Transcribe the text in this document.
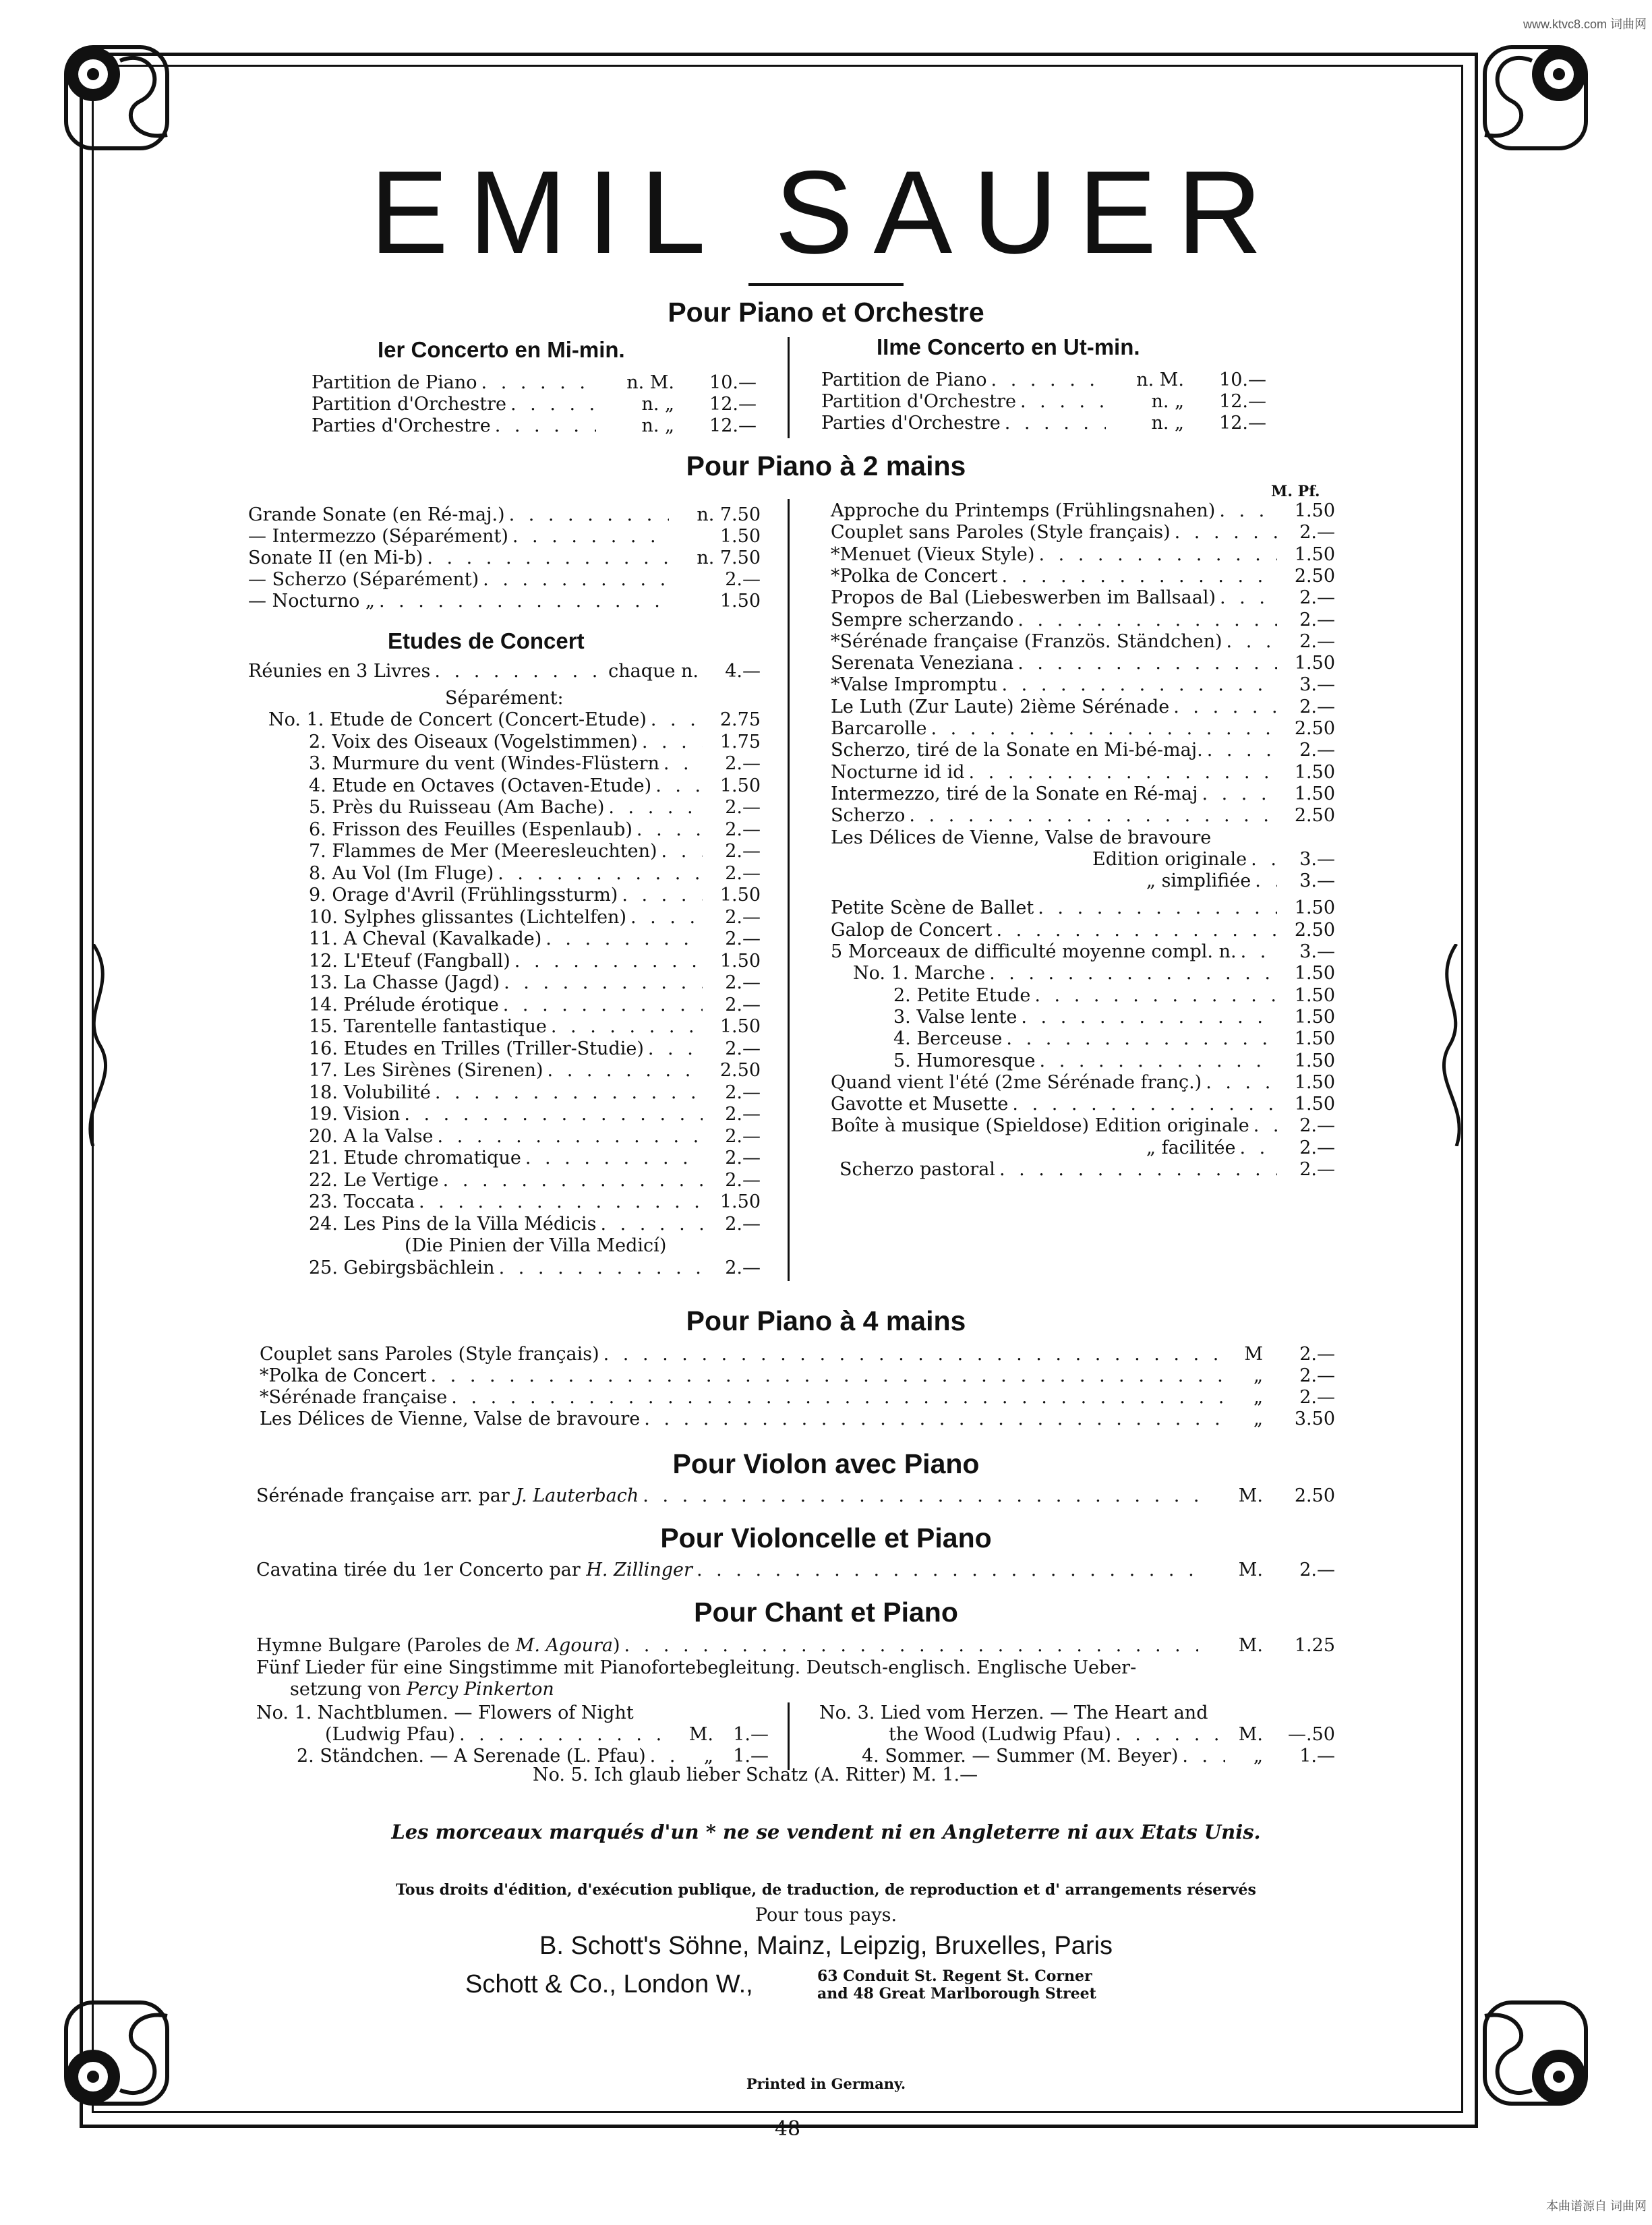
www.ktvc8.com 词曲网
本曲谱源自 词曲网
EMIL SAUER
Pour Piano et Orchestre
Ier Concerto en Mi-min.	IIme Concerto en Ut-min.
Partition de Piano . . .	n. M.	10.—
Partition d'Orchestre . . .	n. „	12.—
Parties d'Orchestre . . .	n. „	12.—
Partition de Piano . . .	n. M.	10.—
Partition d'Orchestre . . .	n. „	12.—
Parties d'Orchestre . . .	n. „	12.—
Pour Piano à 2 mains
M. Pf.
Grande Sonate (en Ré-maj.) . . .	n. 7.50
— Intermezzo (Séparément) . . .	1.50
Sonate II (en Mi-b) . . .	n. 7.50
— Scherzo (Séparément) . . .	2.—
— Nocturno „ . . .	1.50
Etudes de Concert
Réunies en 3 Livres . . .	chaque n.	4.—
Séparément:
No. 1. Etude de Concert (Concert-Etude) . . .	2.75
2. Voix des Oiseaux (Vogelstimmen) . . .	1.75
3. Murmure du vent (Windes-Flüstern . . .	2.—
4. Etude en Octaves (Octaven-Etude) . . .	1.50
5. Près du Ruisseau (Am Bache) . . .	2.—
6. Frisson des Feuilles (Espenlaub) . . .	2.—
7. Flammes de Mer (Meeresleuchten) . . .	2.—
8. Au Vol (Im Fluge) . . .	2.—
9. Orage d'Avril (Frühlingssturm) . . .	1.50
10. Sylphes glissantes (Lichtelfen) . . .	2.—
11. A Cheval (Kavalkade) . . .	2.—
12. L'Eteuf (Fangball) . . .	1.50
13. La Chasse (Jagd) . . .	2.—
14. Prélude érotique . . .	2.—
15. Tarentelle fantastique . . .	1.50
16. Etudes en Trilles (Triller-Studie) . . .	2.—
17. Les Sirènes (Sirenen) . . .	2.50
18. Volubilité . . .	2.—
19. Vision . . .	2.—
20. A la Valse . . .	2.—
21. Etude chromatique . . .	2.—
22. Le Vertige . . .	2.—
23. Toccata . . .	1.50
24. Les Pins de la Villa Médicis . . .	2.—
(Die Pinien der Villa Medicí)
25. Gebirgsbächlein . . .	2.—
Approche du Printemps (Frühlingsnahen) . . .	1.50
Couplet sans Paroles (Style français) . . .	2.—
*Menuet (Vieux Style) . . .	1.50
*Polka de Concert . . .	2.50
Propos de Bal (Liebeswerben im Ballsaal) . . .	2.—
Sempre scherzando . . .	2.—
*Sérénade française (Französ. Ständchen) . . .	2.—
Serenata Veneziana . . .	1.50
*Valse Impromptu . . .	3.—
Le Luth (Zur Laute) 2ième Sérénade . . .	2.—
Barcarolle . . .	2.50
Scherzo, tiré de la Sonate en Mi-bé-maj. . . .	2.—
Nocturne id id . . .	1.50
Intermezzo, tiré de la Sonate en Ré-maj . . .	1.50
Scherzo . . .	2.50
Les Délices de Vienne, Valse de bravoure
Edition originale . . .	3.—
„ simplifiée . . .	3.—
Petite Scène de Ballet . . .	1.50
Galop de Concert . . .	2.50
5 Morceaux de difficulté moyenne compl. n. . . .	3.—
No. 1. Marche . . .	1.50
2. Petite Etude . . .	1.50
3. Valse lente . . .	1.50
4. Berceuse . . .	1.50
5. Humoresque . . .	1.50
Quand vient l'été (2me Sérénade franç.) . . .	1.50
Gavotte et Musette . . .	1.50
Boîte à musique (Spieldose) Edition originale . . .	2.—
„ facilitée . . .	2.—
Scherzo pastoral . . .	2.—
Pour Piano à 4 mains
Couplet sans Paroles (Style français) . . .	M	2.—
*Polka de Concert . . .	„	2.—
*Sérénade française . . .	„	2.—
Les Délices de Vienne, Valse de bravoure . . .	„	3.50
Pour Violon avec Piano
Sérénade française arr. par J. Lauterbach . . .	M.	2.50
Pour Violoncelle et Piano
Cavatina tirée du 1er Concerto par H. Zillinger . . .	M.	2.—
Pour Chant et Piano
Hymne Bulgare (Paroles de M. Agoura) . . .	M.	1.25
Fünf Lieder für eine Singstimme mit Pianofortebegleitung. Deutsch-englisch. Englische Ueber-
setzung von Percy Pinkerton
No. 1. Nachtblumen. — Flowers of Night
(Ludwig Pfau) . . .	M.	1.—
2. Ständchen. — A Serenade (L. Pfau) . . .	„	1.—
No. 3. Lied vom Herzen. — The Heart and
the Wood (Ludwig Pfau) . . .	M.	—.50
4. Sommer. — Summer (M. Beyer) . . .	„	1.—
No. 5. Ich glaub lieber Schatz (A. Ritter) M. 1.—
Les morceaux marqués d'un * ne se vendent ni en Angleterre ni aux Etats Unis.
Tous droits d'édition, d'exécution publique, de traduction, de reproduction et d' arrangements réservés
Pour tous pays.
B. Schott's Söhne, Mainz, Leipzig, Bruxelles, Paris
Schott & Co., London W.,	63 Conduit St. Regent St. Corner
and 48 Great Marlborough Street
Printed in Germany.
48
